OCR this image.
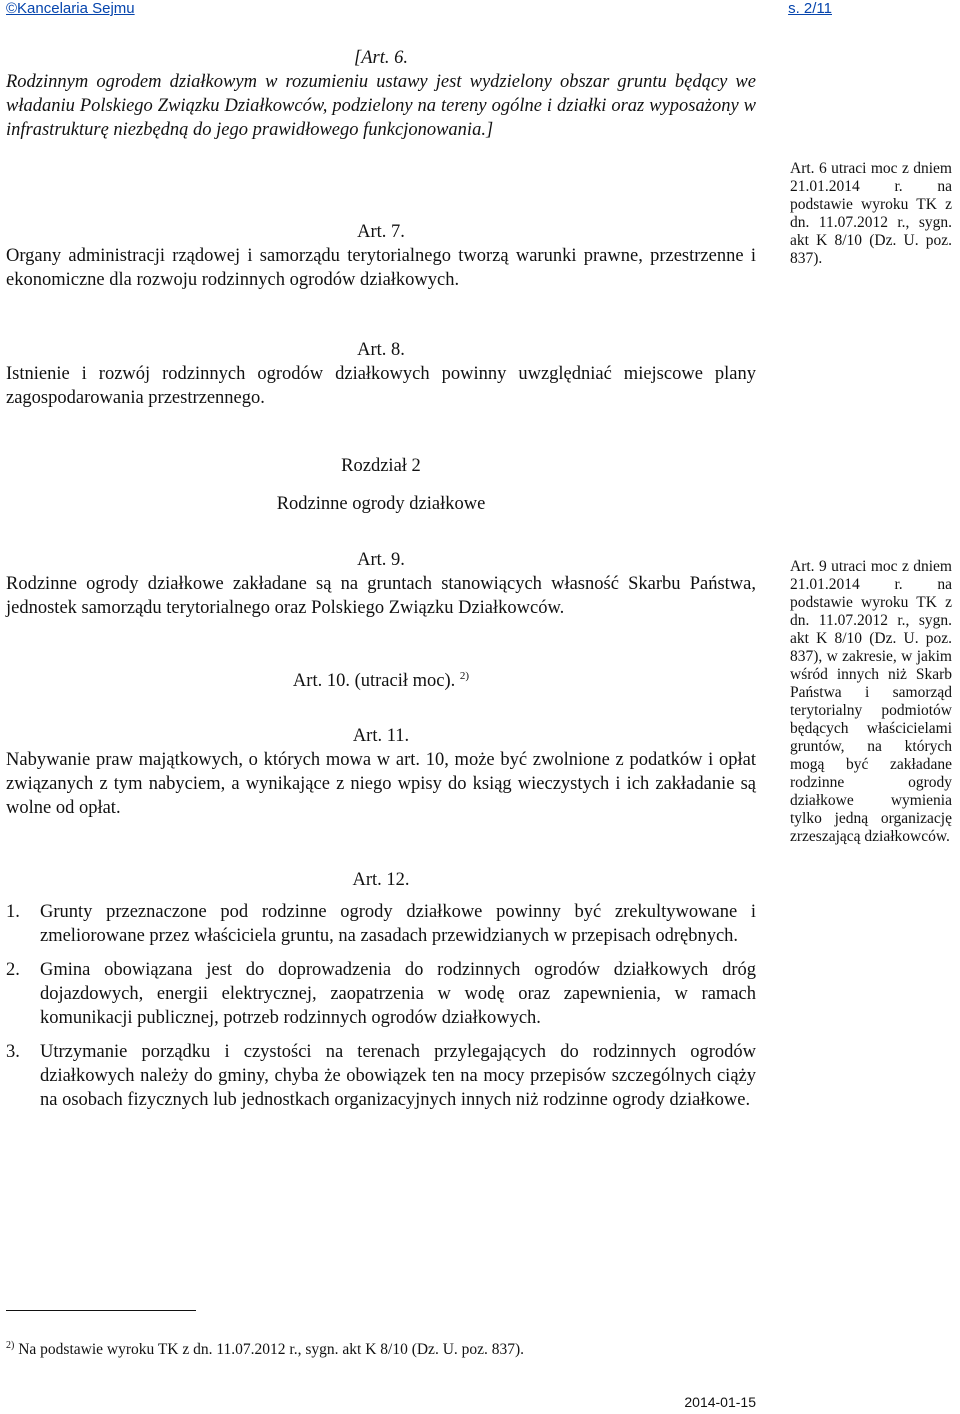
©Kancelaria Sejmu	s. 2/11

[Art. 6.

Rodzinnym ogrodem działkowym w rozumieniu ustawy jest wydzielony obszar gruntu będący we władaniu Polskiego Związku Działkowców, podzielony na tereny ogólne i działki oraz wyposażony w infrastrukturę niezbędną do jego prawidłowego funkcjonowania.]

Art. 6 utraci moc z dniem 21.01.2014 r. na podstawie wyroku TK z dn. 11.07.2012 r., sygn. akt K 8/10 (Dz. U. poz. 837).

Art. 7.

Organy administracji rządowej i samorządu terytorialnego tworzą warunki prawne, przestrzenne i ekonomiczne dla rozwoju rodzinnych ogrodów działkowych.

Art. 8.

Istnienie i rozwój rodzinnych ogrodów działkowych powinny uwzględniać miejscowe plany zagospodarowania przestrzennego.

Rozdział 2
Rodzinne ogrody działkowe

Art. 9.

Rodzinne ogrody działkowe zakładane są na gruntach stanowiących własność Skarbu Państwa, jednostek samorządu terytorialnego oraz Polskiego Związku Działkowców.

Art. 9 utraci moc z dniem 21.01.2014 r. na podstawie wyroku TK z dn. 11.07.2012 r., sygn. akt K 8/10 (Dz. U. poz. 837), w zakresie, w jakim wśród innych niż Skarb Państwa i samorząd terytorialny podmiotów będących właścicielami gruntów, na których mogą być zakładane rodzinne ogrody działkowe wymienia tylko jedną organizację zrzeszającą działkowców.
Art. 10. (utracił moc). $^{2)}$

Art. 11.

Nabywanie praw majątkowych, o których mowa w art. 10, może być zwolnione z podatków i opłat związanych z tym nabyciem, a wynikające z niego wpisy do ksiąg wieczystych i ich zakładanie są wolne od opłat.

Art. 12.

1.	Grunty przeznaczone pod rodzinne ogrody działkowe powinny być zrekultywowane i zmeliorowane przez właściciela gruntu, na zasadach przewidzianych w przepisach odrębnych.
2.	Gmina obowiązana jest do doprowadzenia do rodzinnych ogrodów działkowych dróg dojazdowych, energii elektrycznej, zaopatrzenia w wodę oraz zapewnienia, w ramach komunikacji publicznej, potrzeb rodzinnych ogrodów działkowych.
3.	Utrzymanie porządku i czystości na terenach przylegających do rodzinnych ogrodów działkowych należy do gminy, chyba że obowiązek ten na mocy przepisów szczególnych ciąży na osobach fizycznych lub jednostkach organizacyjnych innych niż rodzinne ogrody działkowe.
$^{2)}$ Na podstawie wyroku TK z dn. 11.07.2012 r., sygn. akt K 8/10 (Dz. U. poz. 837).
2014-01-15
